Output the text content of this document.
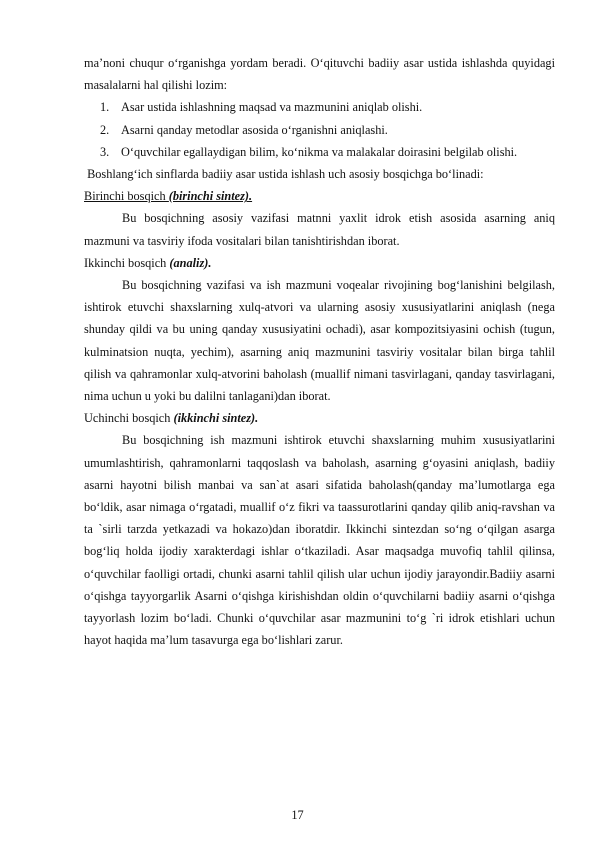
ma’noni chuqur o‘rganishga yordam beradi. O‘qituvchi badiiy asar ustida ishlashda quyidagi masalalarni hal qilishi lozim:

1. Asar ustida ishlashning maqsad va mazmunini aniqlab olishi.
2. Asarni qanday metodlar asosida o‘rganishni aniqlashi.
3. O‘quvchilar egallaydigan bilim, ko‘nikma va malakalar doirasini belgilab olishi.

Boshlang‘ich sinflarda badiiy asar ustida ishlash uch asosiy bosqichga bo‘linadi:

Birinchi bosqich (birinchi sintez).

Bu bosqichning asosiy vazifasi matnni yaxlit idrok etish asosida asarning aniq mazmuni va tasviriy ifoda vositalari bilan tanishtirishdan iborat.

Ikkinchi bosqich (analiz).

Bu bosqichning vazifasi va ish mazmuni voqealar rivojining bog‘lanishini belgilash, ishtirok etuvchi shaxslarning xulq-atvori va ularning asosiy xususiyatlarini aniqlash (nega shunday qildi va bu uning qanday xususiyatini ochadi), asar kompozitsiyasini ochish (tugun, kulminatsion nuqta, yechim), asarning aniq mazmunini tasviriy vositalar bilan birga tahlil qilish va qahramonlar xulq-atvorini baholash (muallif nimani tasvirlagani, qanday tasvirlagani, nima uchun u yoki bu dalilni tanlagani)dan iborat.

Uchinchi bosqich (ikkinchi sintez).

Bu bosqichning ish mazmuni ishtirok etuvchi shaxslarning muhim xususiyatlarini umumlashtirish, qahramonlarni taqqoslash va baholash, asarning g‘oyasini aniqlash, badiiy asarni hayotni bilish manbai va san`at asari sifatida baholash(qanday ma’lumotlarga ega bo‘ldik, asar nimaga o‘rgatadi, muallif o‘z fikri va taassurotlarini qanday qilib aniq-ravshan va ta `sirli tarzda yetkazadi va hokazo)dan iboratdir. Ikkinchi sintezdan so‘ng o‘qilgan asarga bog‘liq holda ijodiy xarakterdagi ishlar o‘tkaziladi. Asar maqsadga muvofiq tahlil qilinsa, o‘quvchilar faolligi ortadi, chunki asarni tahlil qilish ular uchun ijodiy jarayondir.Badiiy asarni o‘qishga tayyorgarlik Asarni o‘qishga kirishishdan oldin o‘quvchilarni badiiy asarni o‘qishga tayyorlash lozim bo‘ladi. Chunki o‘quvchilar asar mazmunini to‘g `ri idrok etishlari uchun hayot haqida ma’lum tasavurga ega bo‘lishlari zarur.

17
